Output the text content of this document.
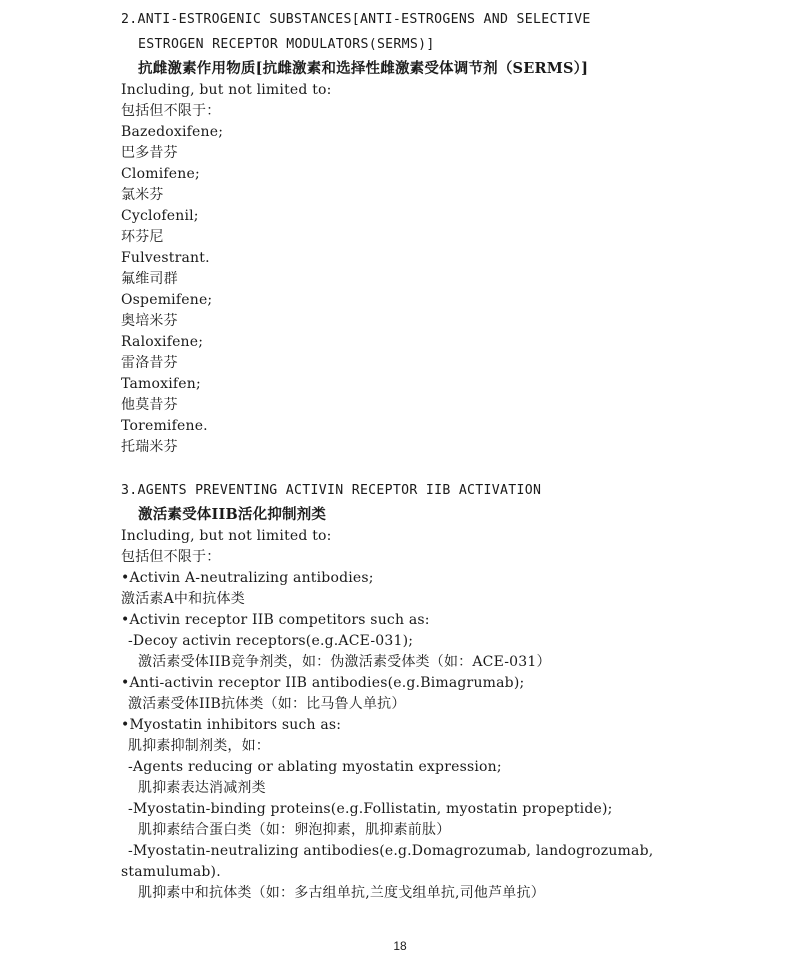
2.ANTI-ESTROGENIC SUBSTANCES[ANTI-ESTROGENS AND SELECTIVE
ESTROGEN RECEPTOR MODULATORS(SERMS)]
抗雌激素作用物质[抗雌激素和选择性雌激素受体调节剂（SERMS）]
Including, but not limited to:
包括但不限于：
Bazedoxifene;
巴多昔芬
Clomifene;
氯米芬
Cyclofenil;
环芬尼
Fulvestrant.
氟维司群
Ospemifene;
奥培米芬
Raloxifene;
雷洛昔芬
Tamoxifen;
他莫昔芬
Toremifene.
托瑞米芬
3.AGENTS PREVENTING ACTIVIN RECEPTOR IIB ACTIVATION
激活素受体IIB活化抑制剂类
Including, but not limited to:
包括但不限于：
•Activin A-neutralizing antibodies;
激活素A中和抗体类
•Activin receptor IIB competitors such as:
-Decoy activin receptors(e.g.ACE-031);
激活素受体IIB竞争剂类，如：伪激活素受体类（如：ACE-031）
•Anti-activin receptor IIB antibodies(e.g.Bimagrumab);
激活素受体IIB抗体类（如：比马鲁人单抗）
•Myostatin inhibitors such as:
肌抑素抑制剂类，如：
-Agents reducing or ablating myostatin expression;
肌抑素表达消减剂类
-Myostatin-binding proteins(e.g.Follistatin, myostatin propeptide);
肌抑素结合蛋白类（如：卵泡抑素，肌抑素前肽）
-Myostatin-neutralizing antibodies(e.g.Domagrozumab, landogrozumab,
stamulumab).
肌抑素中和抗体类（如：多古组单抗,兰度戈组单抗,司他芦单抗）
18
